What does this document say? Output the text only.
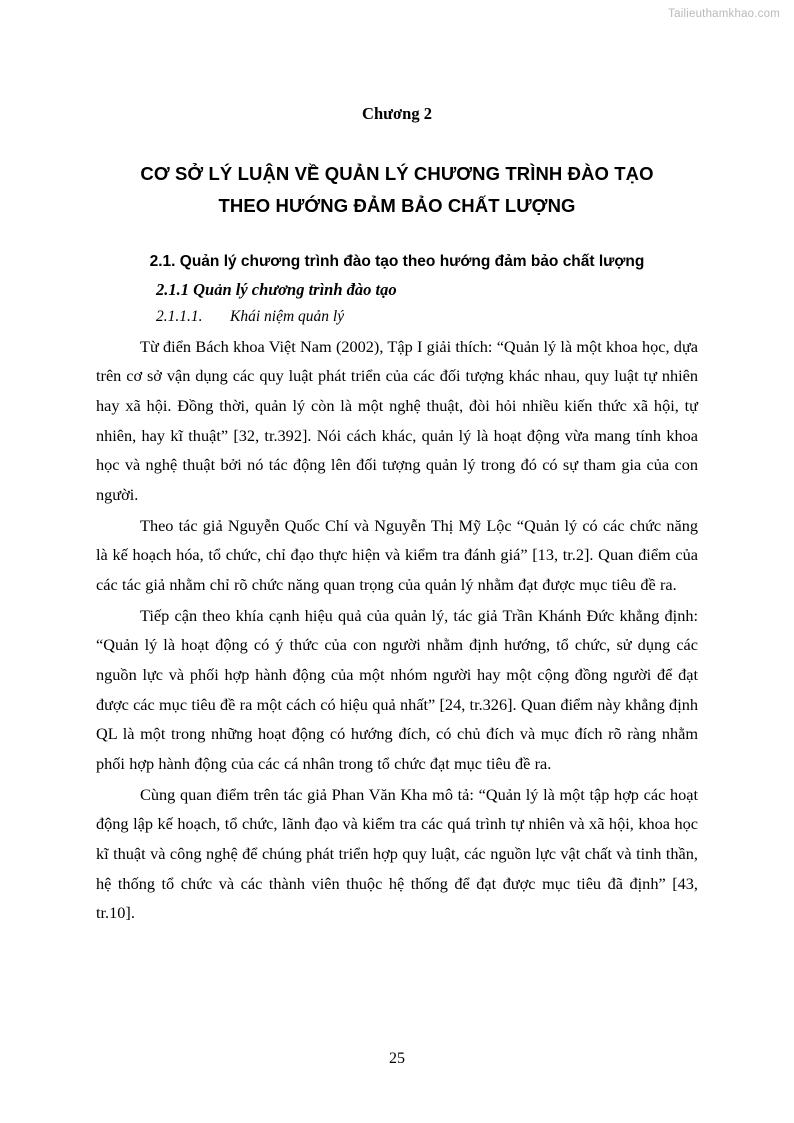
Tailieuthamkhao.com
Chương 2
CƠ SỞ LÝ LUẬN VỀ QUẢN LÝ CHƯƠNG TRÌNH ĐÀO TẠO
THEO HƯỚNG ĐẢM BẢO CHẤT LƯỢNG
2.1. Quản lý chương trình đào tạo theo hướng đảm bảo chất lượng
2.1.1 Quản lý chương trình đào tạo
2.1.1.1. Khái niệm quản lý

Từ điển Bách khoa Việt Nam (2002), Tập I giải thích: “Quản lý là một khoa học, dựa trên cơ sở vận dụng các quy luật phát triển của các đối tượng khác nhau, quy luật tự nhiên hay xã hội. Đồng thời, quản lý còn là một nghệ thuật, đòi hỏi nhiều kiến thức xã hội, tự nhiên, hay kĩ thuật” [32, tr.392]. Nói cách khác, quản lý là hoạt động vừa mang tính khoa học và nghệ thuật bởi nó tác động lên đối tượng quản lý trong đó có sự tham gia của con người.

Theo tác giả Nguyễn Quốc Chí và Nguyễn Thị Mỹ Lộc “Quản lý có các chức năng là kế hoạch hóa, tổ chức, chỉ đạo thực hiện và kiểm tra đánh giá” [13, tr.2]. Quan điểm của các tác giả nhằm chỉ rõ chức năng quan trọng của quản lý nhằm đạt được mục tiêu đề ra.

Tiếp cận theo khía cạnh hiệu quả của quản lý, tác giả Trần Khánh Đức khẳng định: “Quản lý là hoạt động có ý thức của con người nhằm định hướng, tổ chức, sử dụng các nguồn lực và phối hợp hành động của một nhóm người hay một cộng đồng người để đạt được các mục tiêu đề ra một cách có hiệu quả nhất” [24, tr.326]. Quan điểm này khẳng định QL là một trong những hoạt động có hướng đích, có chủ đích và mục đích rõ ràng nhằm phối hợp hành động của các cá nhân trong tổ chức đạt mục tiêu đề ra.

Cùng quan điểm trên tác giả Phan Văn Kha mô tả: “Quản lý là một tập hợp các hoạt động lập kế hoạch, tổ chức, lãnh đạo và kiểm tra các quá trình tự nhiên và xã hội, khoa học kĩ thuật và công nghệ để chúng phát triển hợp quy luật, các nguồn lực vật chất và tinh thần, hệ thống tổ chức và các thành viên thuộc hệ thống để đạt được mục tiêu đã định” [43, tr.10].

25
